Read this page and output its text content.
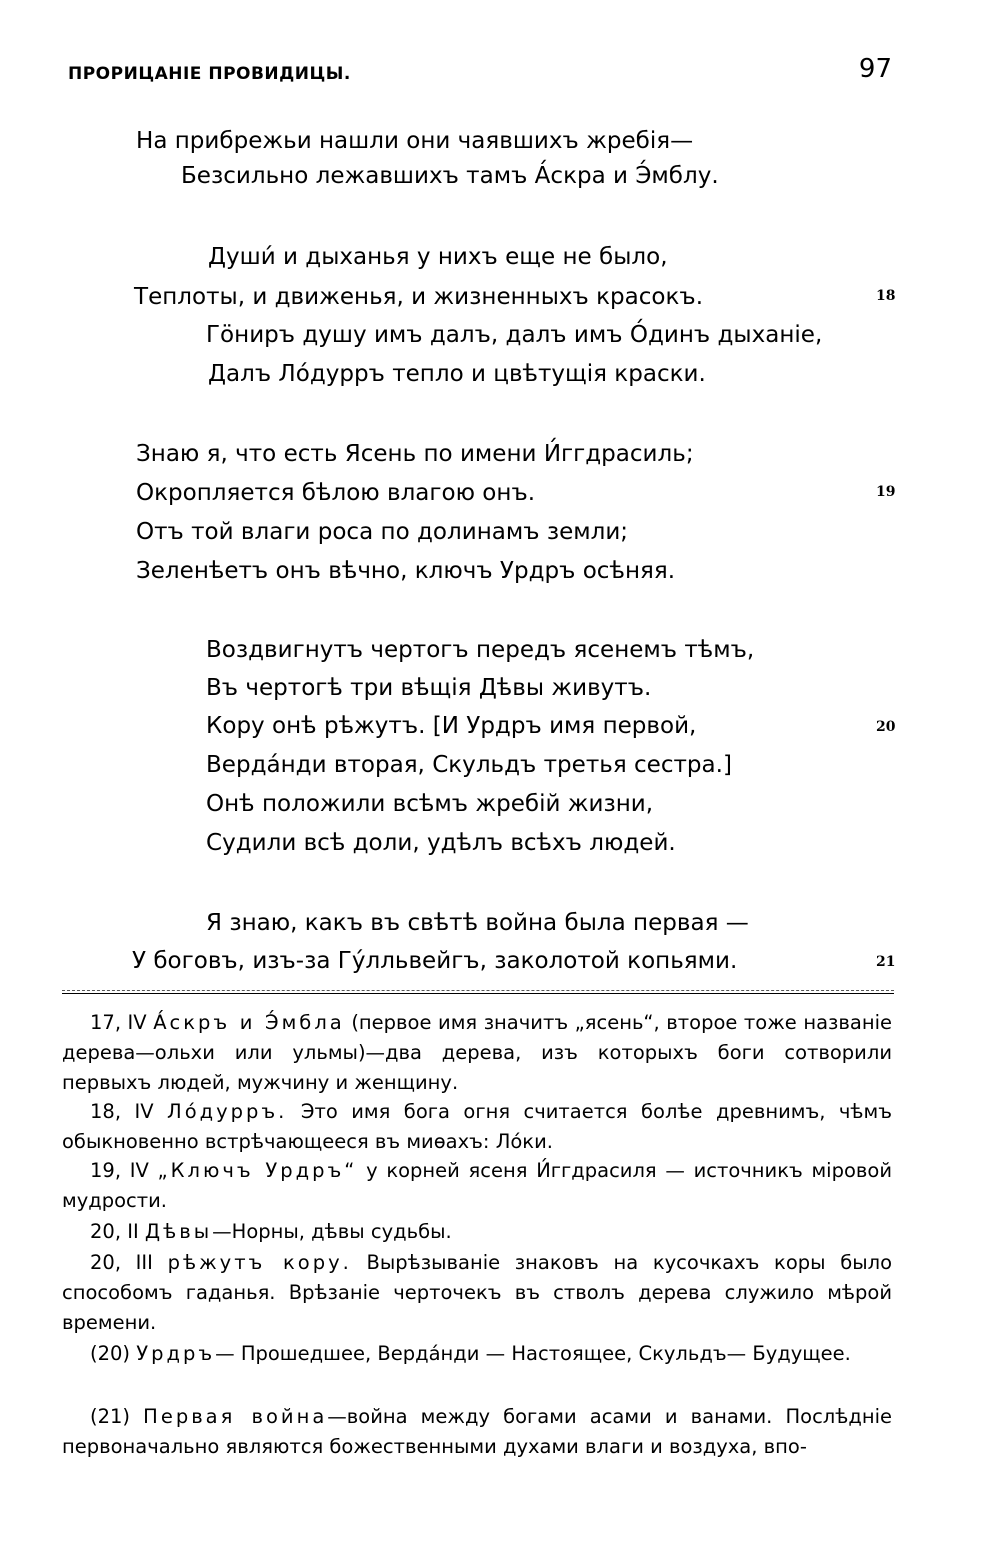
ПРОРИЦАНІЕ ПРОВИДИЦЫ.	97
На прибрежьи нашли они чаявшихъ жребія—
Безсильно лежавшихъ тамъ А́скра и Э́мблу.
Души́ и дыханья у нихъ еще не было,
Теплоты, и движенья, и жизненныхъ красокъ.	18
Гӧниръ душу имъ далъ, далъ имъ О́динъ дыханіе,
Далъ Ло́дурръ тепло и цвѣтущія краски.
Знаю я, что есть Ясень по имени И́ггдрасиль;
Окропляется бѣлою влагою онъ.	19
Отъ той влаги роса по долинамъ земли;
Зеленѣетъ онъ вѣчно, ключъ Урдръ осѣняя.
Воздвигнутъ чертогъ передъ ясенемъ тѣмъ,
Въ чертогѣ три вѣщія Дѣвы живутъ.
Кору онѣ рѣжутъ. [И Урдръ имя первой,	20
Верда́нди вторая, Скульдъ третья сестра.]
Онѣ положили всѣмъ жребій жизни,
Судили всѣ доли, удѣлъ всѣхъ людей.
Я знаю, какъ въ свѣтѣ война была первая —
У боговъ, изъ-за Гу́лльвейгъ, заколотой копьями.	21
17, IV А́скръ и Э́мбла (первое имя значитъ „ясень“, второе тоже названіе дерева—ольхи или ульмы)—два дерева, изъ которыхъ боги сотворили первыхъ людей, мужчину и женщину.
18, IV Ло́дурръ. Это имя бога огня считается болѣе древнимъ, чѣмъ обыкновенно встрѣчающееся въ миѳахъ: Ло́ки.
19, IV „Ключъ Урдръ“ у корней ясеня И́ггдрасиля — источникъ міровой мудрости.
20, II Дѣвы—Норны, дѣвы судьбы.
20, III рѣжутъ кору. Вырѣзываніе знаковъ на кусочкахъ коры было способомъ гаданья. Врѣзаніе черточекъ въ стволъ дерева служило мѣрой времени.
(20) Урдръ— Прошедшее, Верда́нди — Настоящее, Скульдъ— Будущее.
(21) Первая война—война между богами асами и ванами. Послѣдніе первоначально являются божественными духами влаги и воздуха, впо-
